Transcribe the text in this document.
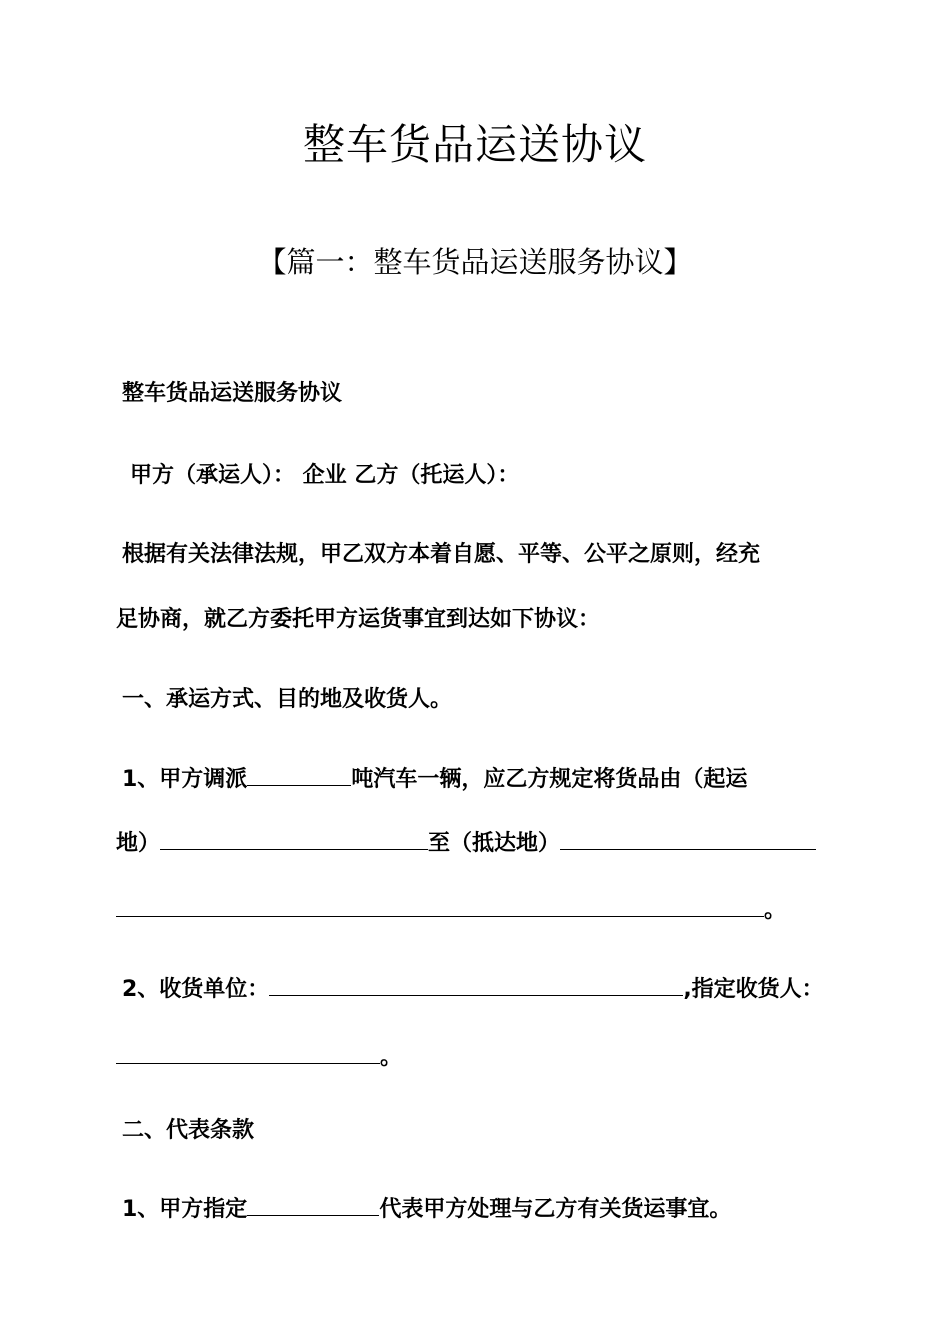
整车货品运送协议
【篇一：整车货品运送服务协议】
整车货品运送服务协议
甲方（承运人）： 企业 乙方（托运人）：
根据有关法律法规，甲乙双方本着自愿、平等、公平之原则，经充
足协商，就乙方委托甲方运货事宜到达如下协议：
一、承运方式、目的地及收货人。
1、甲方调派	吨汽车一辆，应乙方规定将货品由（起运
地）	至（抵达地）
。
2、收货单位：	,指定收货人：
。
二、代表条款
1、甲方指定	代表甲方处理与乙方有关货运事宜。
